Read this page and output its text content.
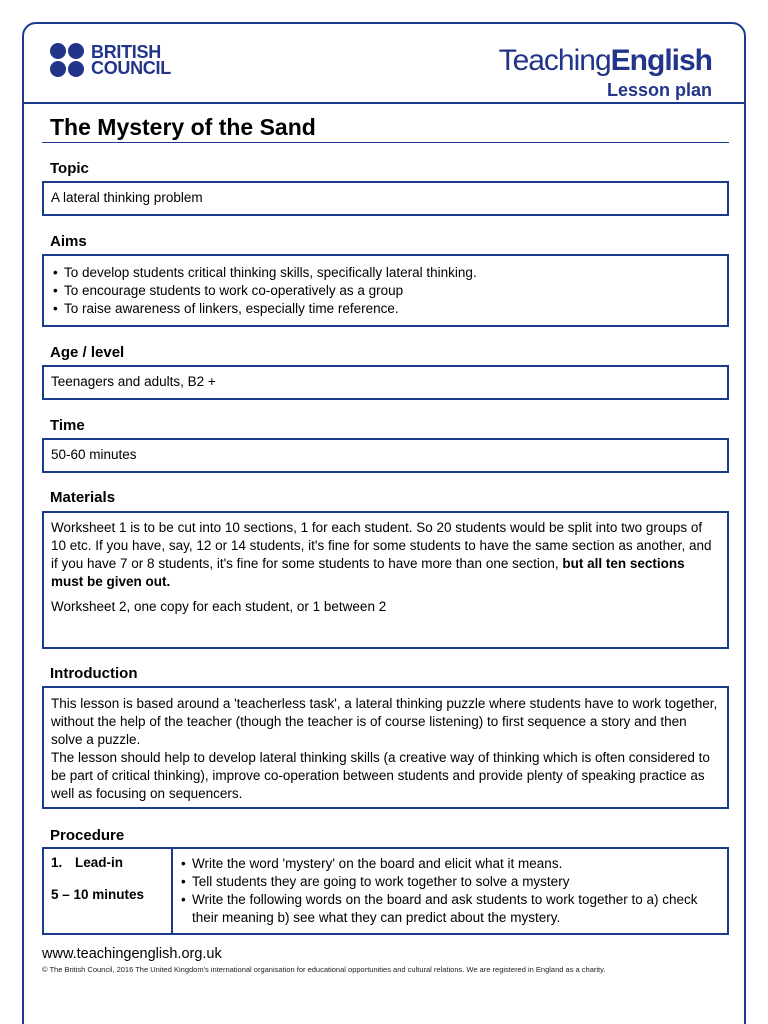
BRITISH
COUNCIL	TeachingEnglish
Lesson plan
The Mystery of the Sand
Topic

A lateral thinking problem

Aims
• To develop students critical thinking skills, specifically lateral thinking.
• To encourage students to work co-operatively as a group
• To raise awareness of linkers, especially time reference.
Age / level

Teenagers and adults, B2 +

Time

50-60 minutes

Materials

Worksheet 1 is to be cut into 10 sections, 1 for each student. So 20 students would be split into two groups of 10 etc. If you have, say, 12 or 14 students, it's fine for some students to have the same section as another, and if you have 7 or 8 students, it's fine for some students to have more than one section, but all ten sections must be given out.

Worksheet 2, one copy for each student, or 1 between 2

Introduction
This lesson is based around a 'teacherless task', a lateral thinking puzzle where students have to work together, without the help of the teacher (though the teacher is of course listening) to first sequence a story and then solve a puzzle.
The lesson should help to develop lateral thinking skills (a creative way of thinking which is often considered to be part of critical thinking), improve co-operation between students and provide plenty of speaking practice as well as focusing on sequencers.
Procedure
1. Lead-in
5 – 10 minutes
• Write the word 'mystery' on the board and elicit what it means.
• Tell students they are going to work together to solve a mystery
• Write the following words on the board and ask students to work together to a) check their meaning b) see what they can predict about the mystery.
www.teachingenglish.org.uk
© The British Council, 2016 The United Kingdom's international organisation for educational opportunities and cultural relations. We are registered in England as a charity.
